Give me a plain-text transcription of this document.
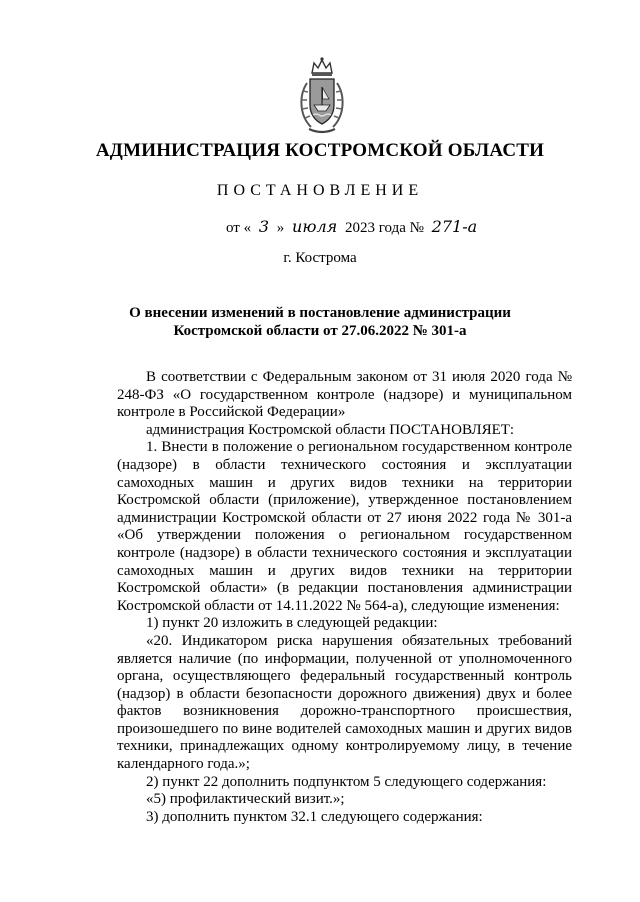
АДМИНИСТРАЦИЯ КОСТРОМСКОЙ ОБЛАСТИ
ПОСТАНОВЛЕНИЕ
от « 3 » июля 2023 года № 271-а
г. Кострома
О внесении изменений в постановление администрации
Костромской области от 27.06.2022 № 301-а

В соответствии с Федеральным законом от 31 июля 2020 года № 248-ФЗ «О государственном контроле (надзоре) и муниципальном контроле в Российской Федерации»

администрация Костромской области ПОСТАНОВЛЯЕТ:

1. Внести в положение о региональном государственном контроле (надзоре) в области технического состояния и эксплуатации самоходных машин и других видов техники на территории Костромской области (приложение), утвержденное постановлением администрации Костромской области от 27 июня 2022 года № 301-а «Об утверждении положения о региональном государственном контроле (надзоре) в области технического состояния и эксплуатации самоходных машин и других видов техники на территории Костромской области» (в редакции постановления администрации Костромской области от 14.11.2022 № 564-а), следующие изменения:

1) пункт 20 изложить в следующей редакции:

«20. Индикатором риска нарушения обязательных требований является наличие (по информации, полученной от уполномоченного органа, осуществляющего федеральный государственный контроль (надзор) в области безопасности дорожного движения) двух и более фактов возникновения дорожно-транспортного происшествия, произошедшего по вине водителей самоходных машин и других видов техники, принадлежащих одному контролируемому лицу, в течение календарного года.»;

2) пункт 22 дополнить подпунктом 5 следующего содержания:

«5) профилактический визит.»;

3) дополнить пунктом 32.1 следующего содержания:
